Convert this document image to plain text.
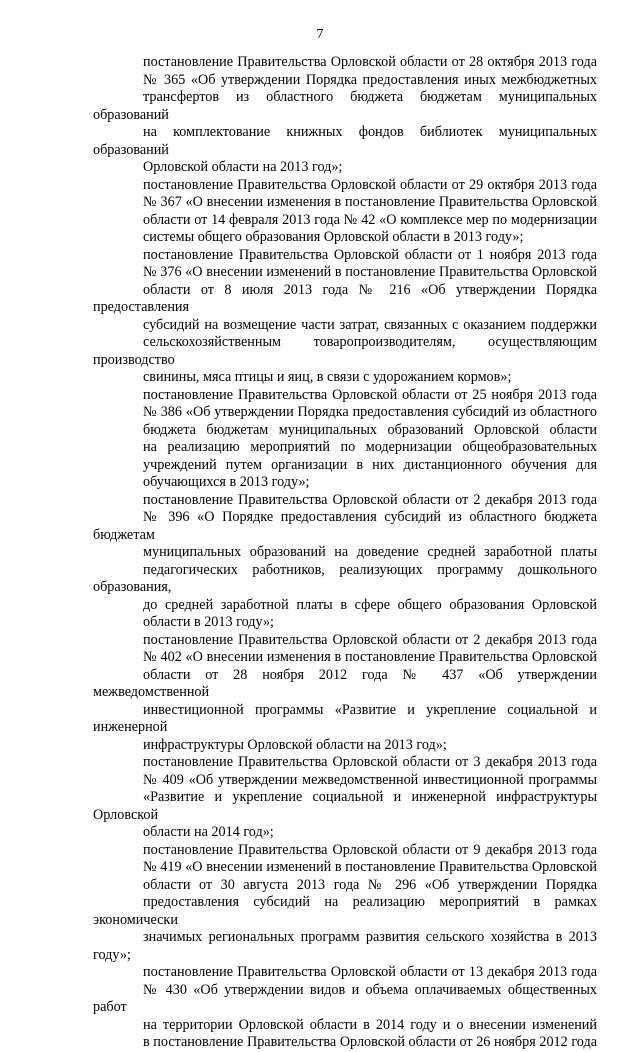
7

постановление Правительства Орловской области от 28 октября 2013 года
№ 365 «Об утверждении Порядка предоставления иных межбюджетных
трансфертов из областного бюджета бюджетам муниципальных образований
на комплектование книжных фондов библиотек муниципальных образований
Орловской области на 2013 год»;

постановление Правительства Орловской области от 29 октября 2013 года
№ 367 «О внесении изменения в постановление Правительства Орловской
области от 14 февраля 2013 года № 42 «О комплексе мер по модернизации
системы общего образования Орловской области в 2013 году»;

постановление Правительства Орловской области от 1 ноября 2013 года
№ 376 «О внесении изменений в постановление Правительства Орловской
области от 8 июля 2013 года № 216 «Об утверждении Порядка предоставления
субсидий на возмещение части затрат, связанных с оказанием поддержки
сельскохозяйственным товаропроизводителям, осуществляющим производство
свинины, мяса птицы и яиц, в связи с удорожанием кормов»;

постановление Правительства Орловской области от 25 ноября 2013 года
№ 386 «Об утверждении Порядка предоставления субсидий из областного
бюджета бюджетам муниципальных образований Орловской области
на реализацию мероприятий по модернизации общеобразовательных
учреждений путем организации в них дистанционного обучения для
обучающихся в 2013 году»;

постановление Правительства Орловской области от 2 декабря 2013 года
№ 396 «О Порядке предоставления субсидий из областного бюджета бюджетам
муниципальных образований на доведение средней заработной платы
педагогических работников, реализующих программу дошкольного образования,
до средней заработной платы в сфере общего образования Орловской
области в 2013 году»;

постановление Правительства Орловской области от 2 декабря 2013 года
№ 402 «О внесении изменения в постановление Правительства Орловской
области от 28 ноября 2012 года № 437 «Об утверждении межведомственной
инвестиционной программы «Развитие и укрепление социальной и инженерной
инфраструктуры Орловской области на 2013 год»;

постановление Правительства Орловской области от 3 декабря 2013 года
№ 409 «Об утверждении межведомственной инвестиционной программы
«Развитие и укрепление социальной и инженерной инфраструктуры Орловской
области на 2014 год»;

постановление Правительства Орловской области от 9 декабря 2013 года
№ 419 «О внесении изменений в постановление Правительства Орловской
области от 30 августа 2013 года № 296 «Об утверждении Порядка
предоставления субсидий на реализацию мероприятий в рамках экономически
значимых региональных программ развития сельского хозяйства в 2013 году»;

постановление Правительства Орловской области от 13 декабря 2013 года
№ 430 «Об утверждении видов и объема оплачиваемых общественных работ
на территории Орловской области в 2014 году и о внесении изменений
в постановление Правительства Орловской области от 26 ноября 2012 года
